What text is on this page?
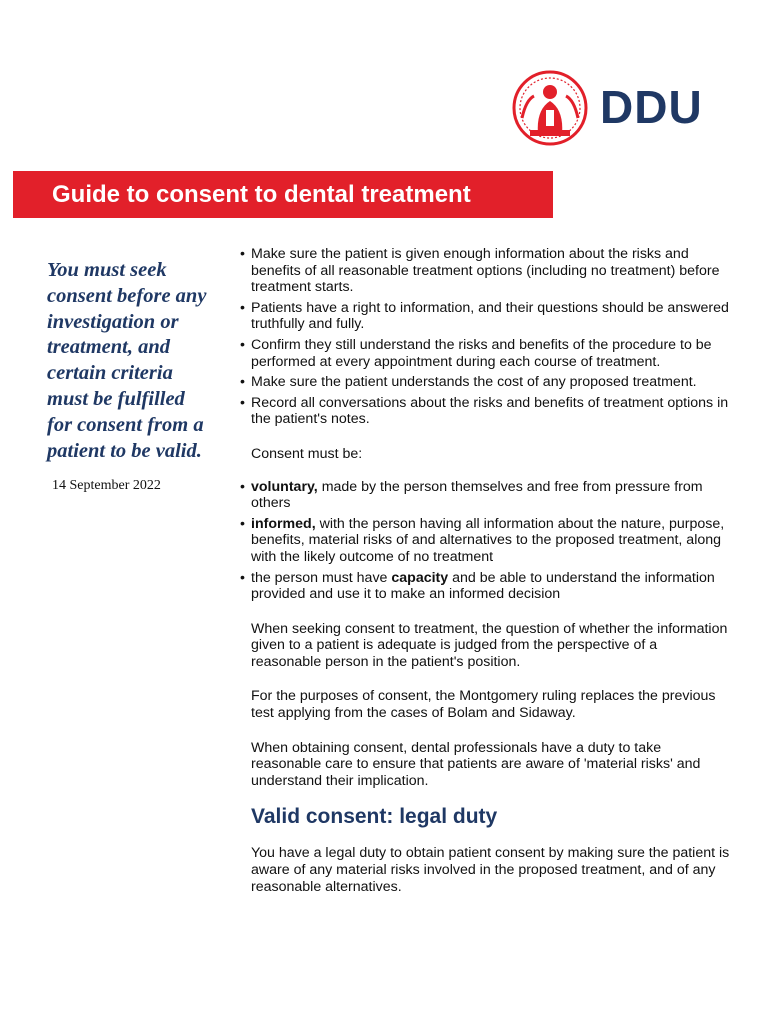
DDU
Guide to consent to dental treatment
You must seek
consent before any
investigation or
treatment, and
certain criteria
must be fulfilled
for consent from a
patient to be valid.
14 September 2022
• Make sure the patient is given enough information about the risks and benefits of all reasonable treatment options (including no treatment) before treatment starts.
• Patients have a right to information, and their questions should be answered truthfully and fully.
• Confirm they still understand the risks and benefits of the procedure to be performed at every appointment during each course of treatment.
• Make sure the patient understands the cost of any proposed treatment.
• Record all conversations about the risks and benefits of treatment options in the patient's notes.

Consent must be:

• voluntary, made by the person themselves and free from pressure from others
• informed, with the person having all information about the nature, purpose, benefits, material risks of and alternatives to the proposed treatment, along with the likely outcome of no treatment
• the person must have capacity and be able to understand the information provided and use it to make an informed decision

When seeking consent to treatment, the question of whether the information given to a patient is adequate is judged from the perspective of a reasonable person in the patient's position.

For the purposes of consent, the Montgomery ruling replaces the previous test applying from the cases of Bolam and Sidaway.

When obtaining consent, dental professionals have a duty to take reasonable care to ensure that patients are aware of 'material risks' and understand their implication.

Valid consent: legal duty

You have a legal duty to obtain patient consent by making sure the patient is aware of any material risks involved in the proposed treatment, and of any reasonable alternatives.
